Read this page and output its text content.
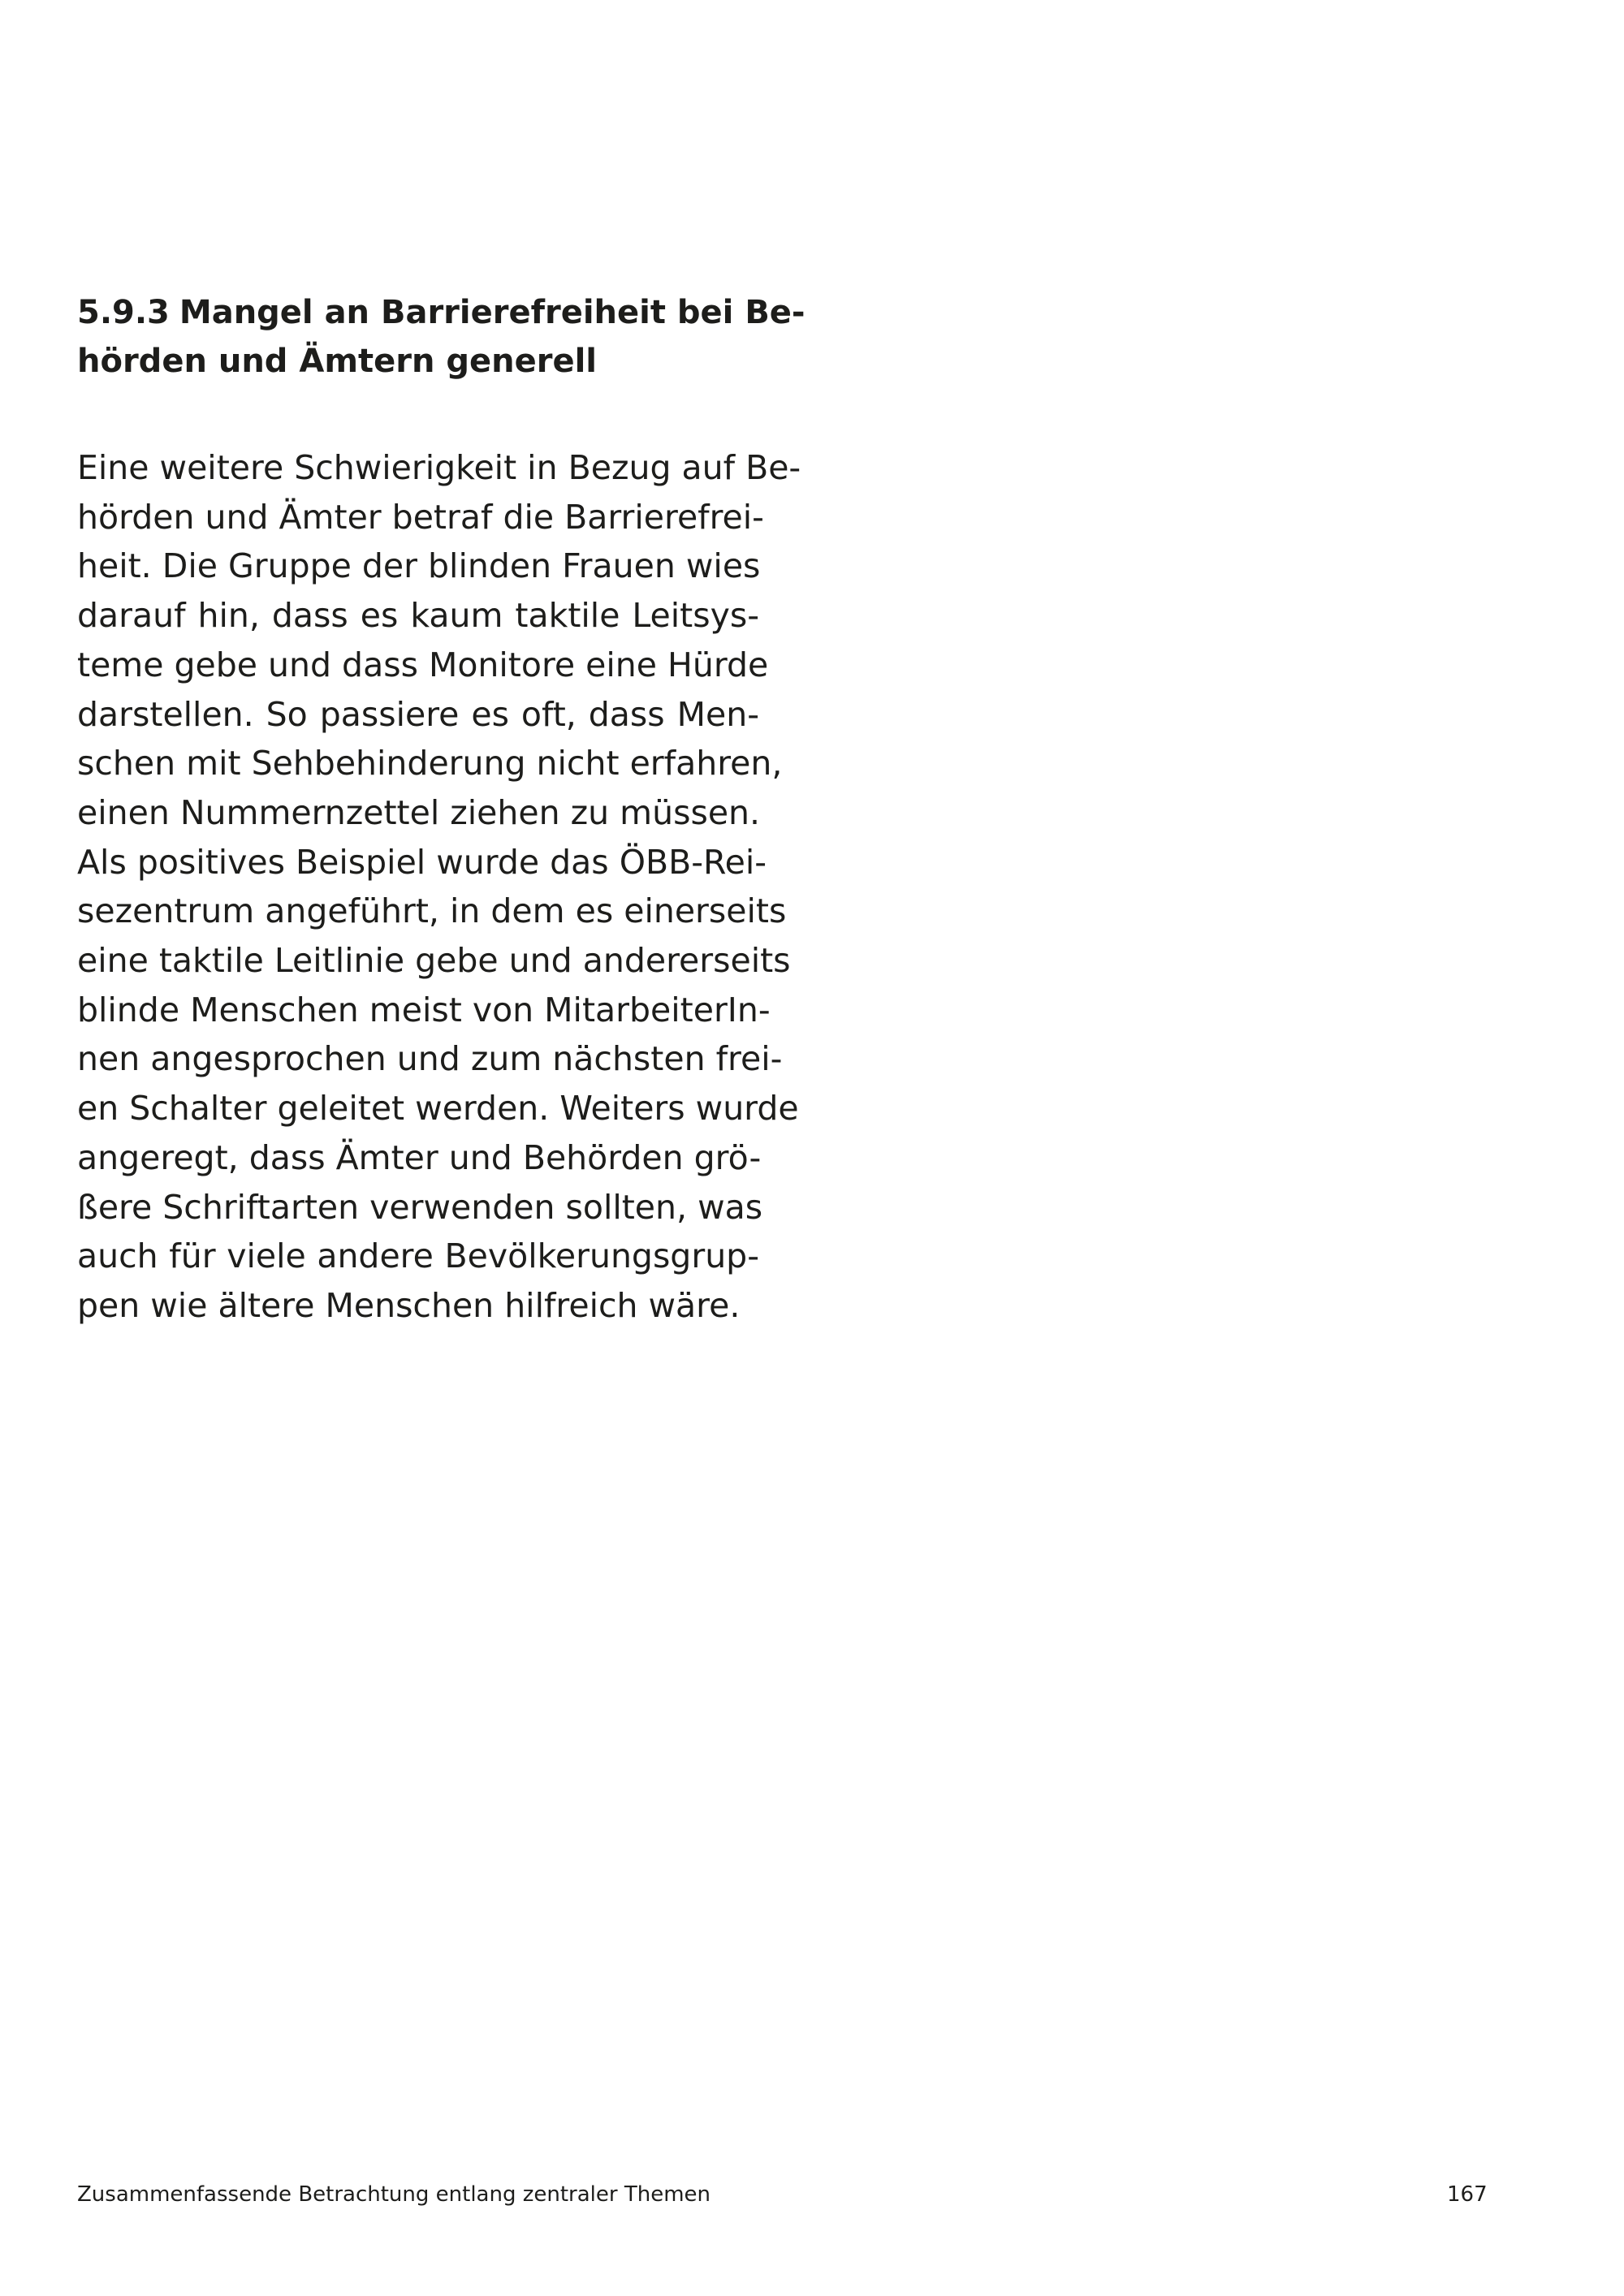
5.9.3 Mangel an Barrierefreiheit bei Be-
hörden und Ämtern generell
Eine weitere Schwierigkeit in Bezug auf Be-
hörden und Ämter betraf die Barrierefrei-
heit. Die Gruppe der blinden Frauen wies
darauf hin, dass es kaum taktile Leitsys-
teme gebe und dass Monitore eine Hürde
darstellen. So passiere es oft, dass Men-
schen mit Sehbehinderung nicht erfahren,
einen Nummernzettel ziehen zu müssen.
Als positives Beispiel wurde das ÖBB-Rei-
sezentrum angeführt, in dem es einerseits
eine taktile Leitlinie gebe und andererseits
blinde Menschen meist von MitarbeiterIn-
nen angesprochen und zum nächsten frei-
en Schalter geleitet werden. Weiters wurde
angeregt, dass Ämter und Behörden grö-
ßere Schriftarten verwenden sollten, was
auch für viele andere Bevölkerungsgrup-
pen wie ältere Menschen hilfreich wäre.
Zusammenfassende Betrachtung entlang zentraler Themen	167
